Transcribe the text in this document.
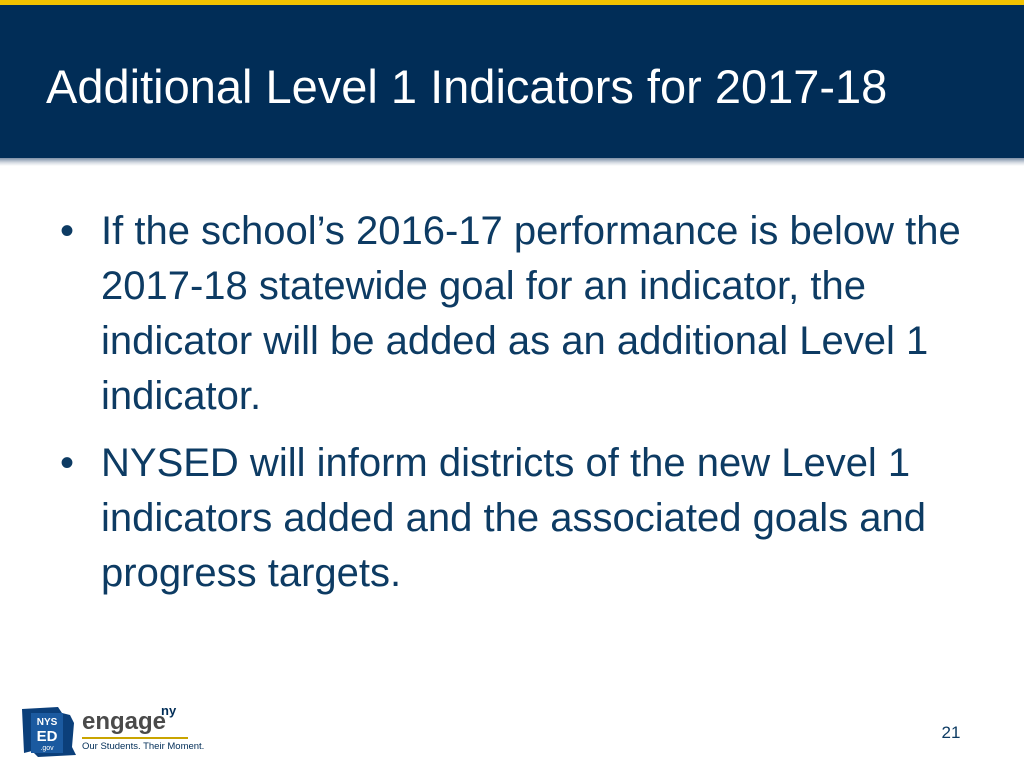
Additional Level 1 Indicators for 2017-18
• If the school’s 2016-17 performance is below the 2017-18 statewide goal for an indicator, the indicator will be added as an additional Level 1 indicator.
• NYSED will inform districts of the new Level 1 indicators added and the associated goals and progress targets.
NYS
ED
.gov
engage
ny
Our Students. Their Moment.
21
